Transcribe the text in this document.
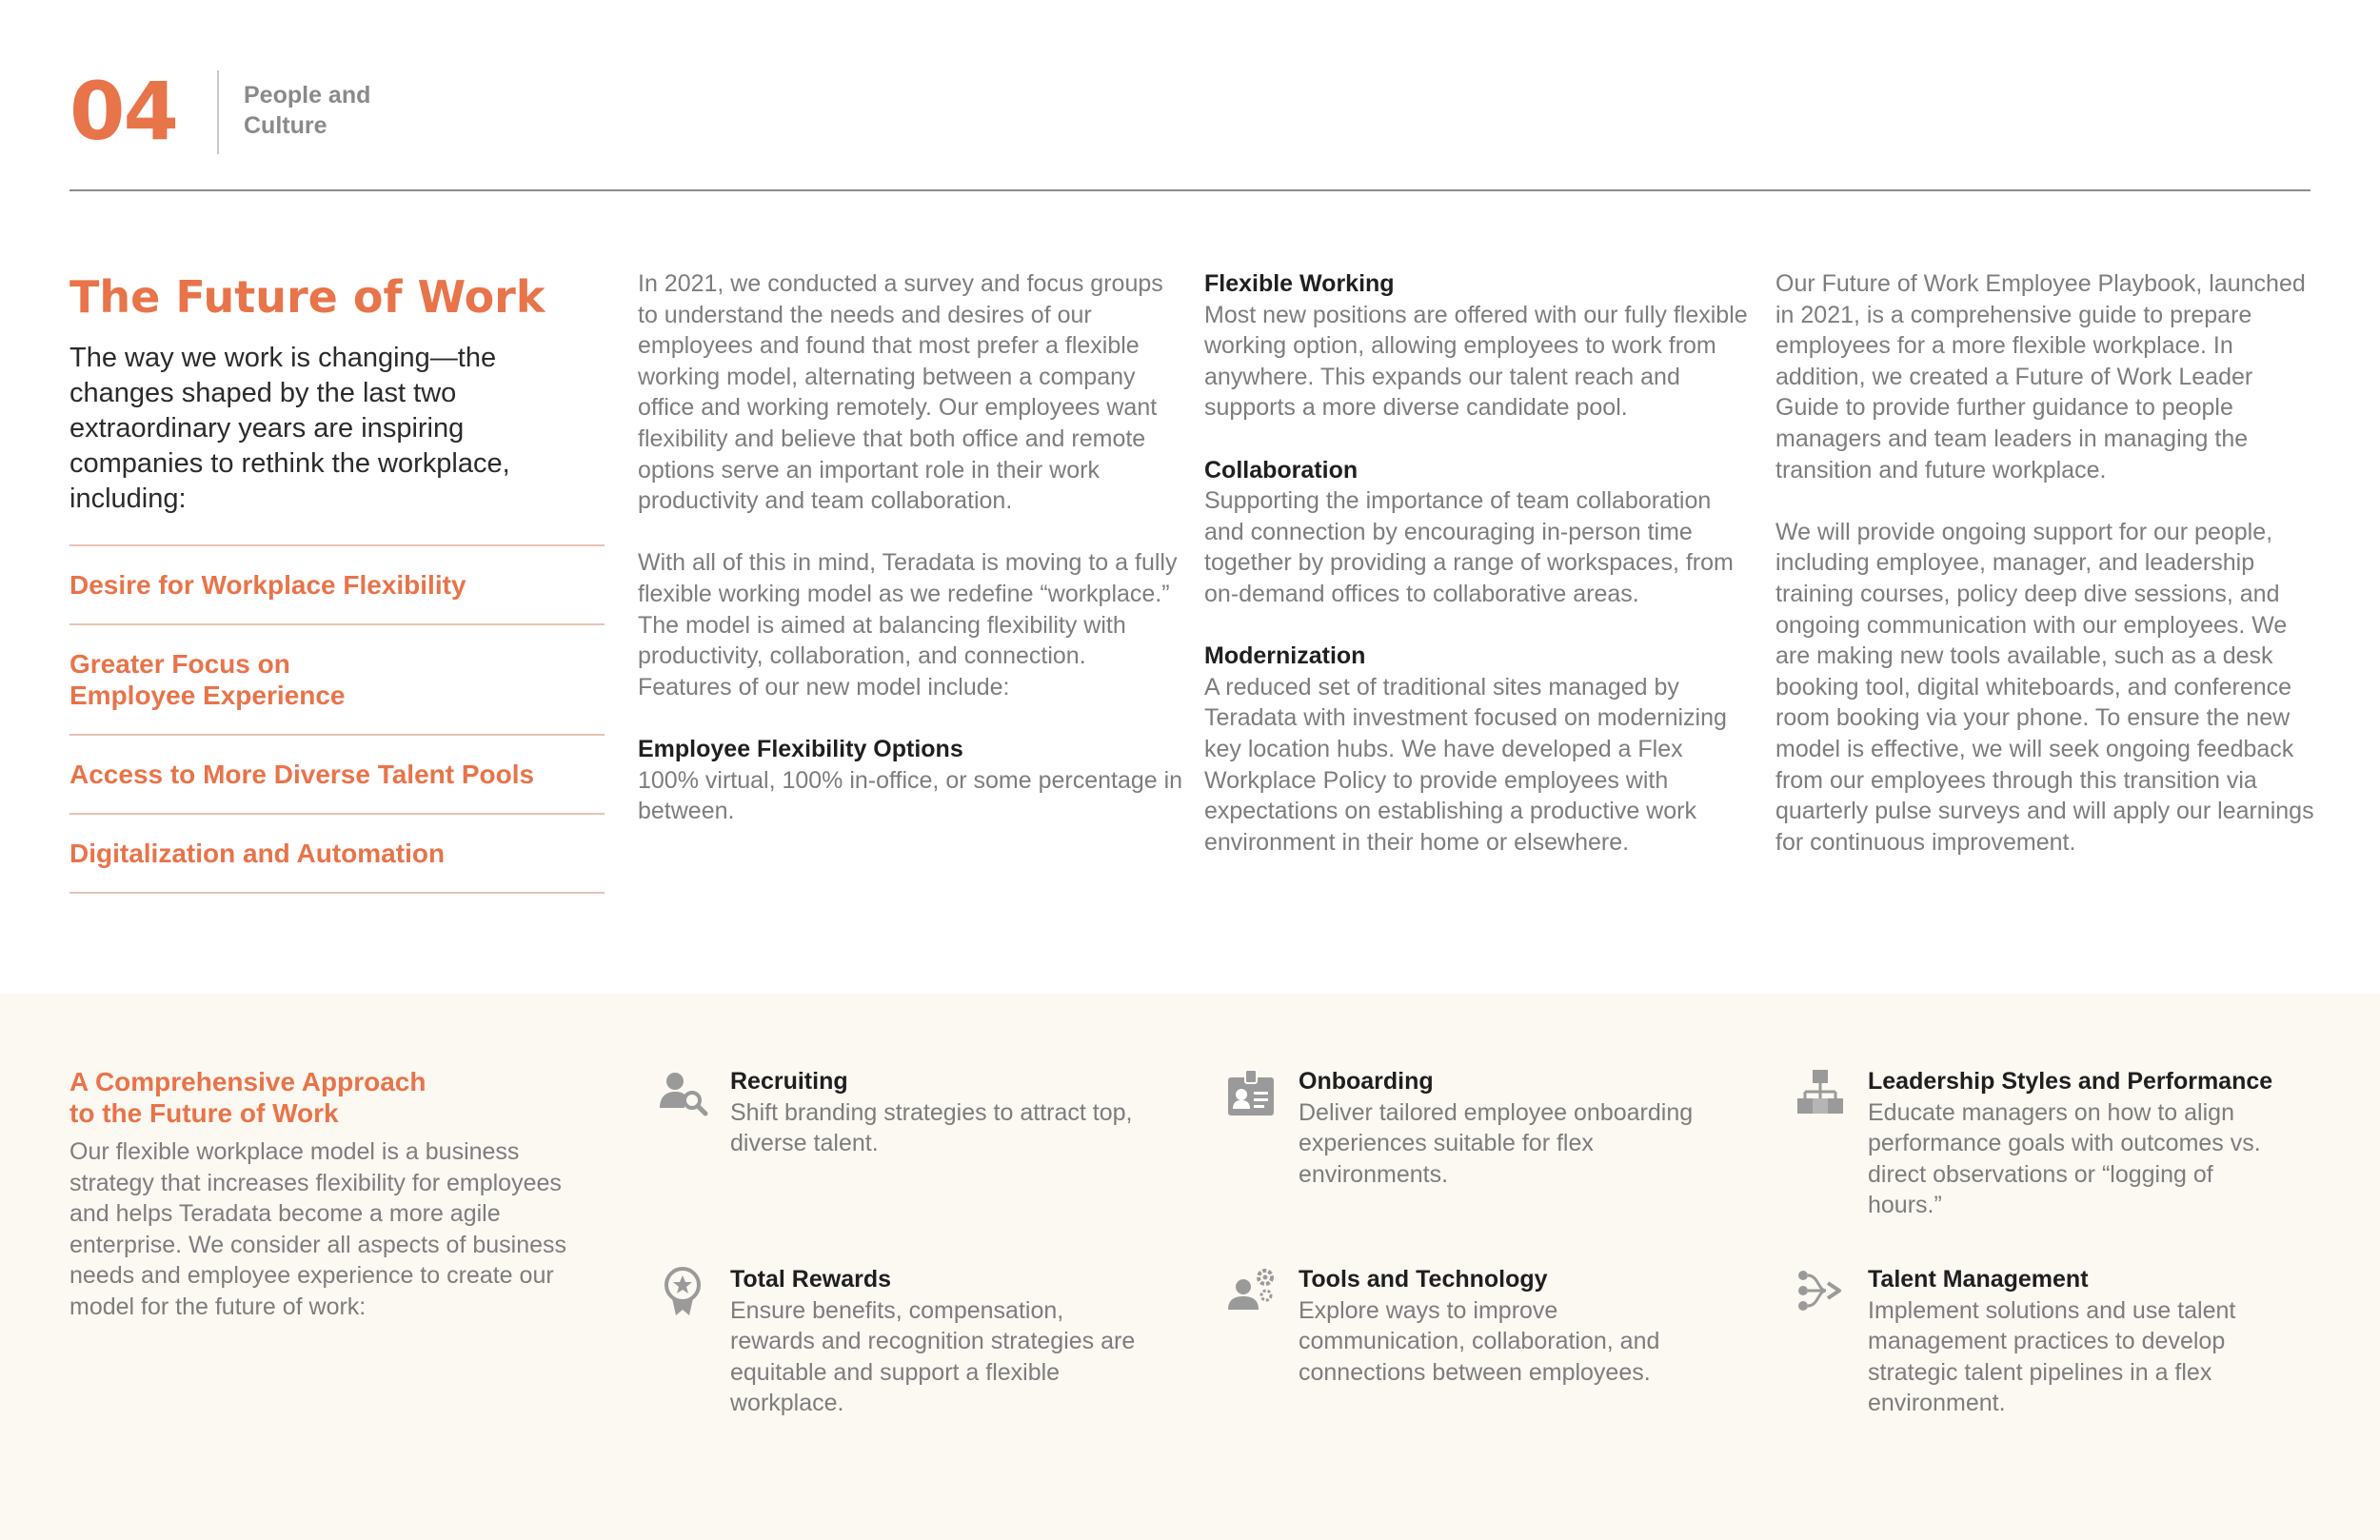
04	People and
Culture
The Future of Work

The way we work is changing—the changes shaped by the last two extraordinary years are inspiring companies to rethink the workplace, including:

Desire for Workplace Flexibility
Greater Focus on
Employee Experience
Access to More Diverse Talent Pools
Digitalization and Automation

In 2021, we conducted a survey and focus groups to understand the needs and desires of our employees and found that most prefer a flexible working model, alternating between a company office and working remotely. Our employees want flexibility and believe that both office and remote options serve an important role in their work productivity and team collaboration.

With all of this in mind, Teradata is moving to a fully flexible working model as we redefine “workplace.” The model is aimed at balancing flexibility with productivity, collaboration, and connection. Features of our new model include:

Employee Flexibility Options

100% virtual, 100% in-office, or some percentage in between.

Flexible Working

Most new positions are offered with our fully flexible working option, allowing employees to work from anywhere. This expands our talent reach and supports a more diverse candidate pool.

Collaboration

Supporting the importance of team collaboration and connection by encouraging in-person time together by providing a range of workspaces, from on-demand offices to collaborative areas.

Modernization

A reduced set of traditional sites managed by Teradata with investment focused on modernizing key location hubs. We have developed a Flex Workplace Policy to provide employees with expectations on establishing a productive work environment in their home or elsewhere.

Our Future of Work Employee Playbook, launched in 2021, is a comprehensive guide to prepare employees for a more flexible workplace. In addition, we created a Future of Work Leader Guide to provide further guidance to people managers and team leaders in managing the transition and future workplace.

We will provide ongoing support for our people, including employee, manager, and leadership training courses, policy deep dive sessions, and ongoing communication with our employees. We are making new tools available, such as a desk booking tool, digital whiteboards, and conference room booking via your phone. To ensure the new model is effective, we will seek ongoing feedback from our employees through this transition via quarterly pulse surveys and will apply our learnings for continuous improvement.

A Comprehensive Approach
to the Future of Work

Our flexible workplace model is a business strategy that increases flexibility for employees and helps Teradata become a more agile enterprise. We consider all aspects of business needs and employee experience to create our model for the future of work:

Recruiting

Shift branding strategies to attract top, diverse talent.

Onboarding

Deliver tailored employee onboarding experiences suitable for flex environments.

Leadership Styles and Performance

Educate managers on how to align performance goals with outcomes vs. direct observations or “logging of hours.”

Total Rewards

Ensure benefits, compensation, rewards and recognition strategies are equitable and support a flexible workplace.

Tools and Technology

Explore ways to improve communication, collaboration, and connections between employees.

Talent Management

Implement solutions and use talent management practices to develop strategic talent pipelines in a flex environment.
